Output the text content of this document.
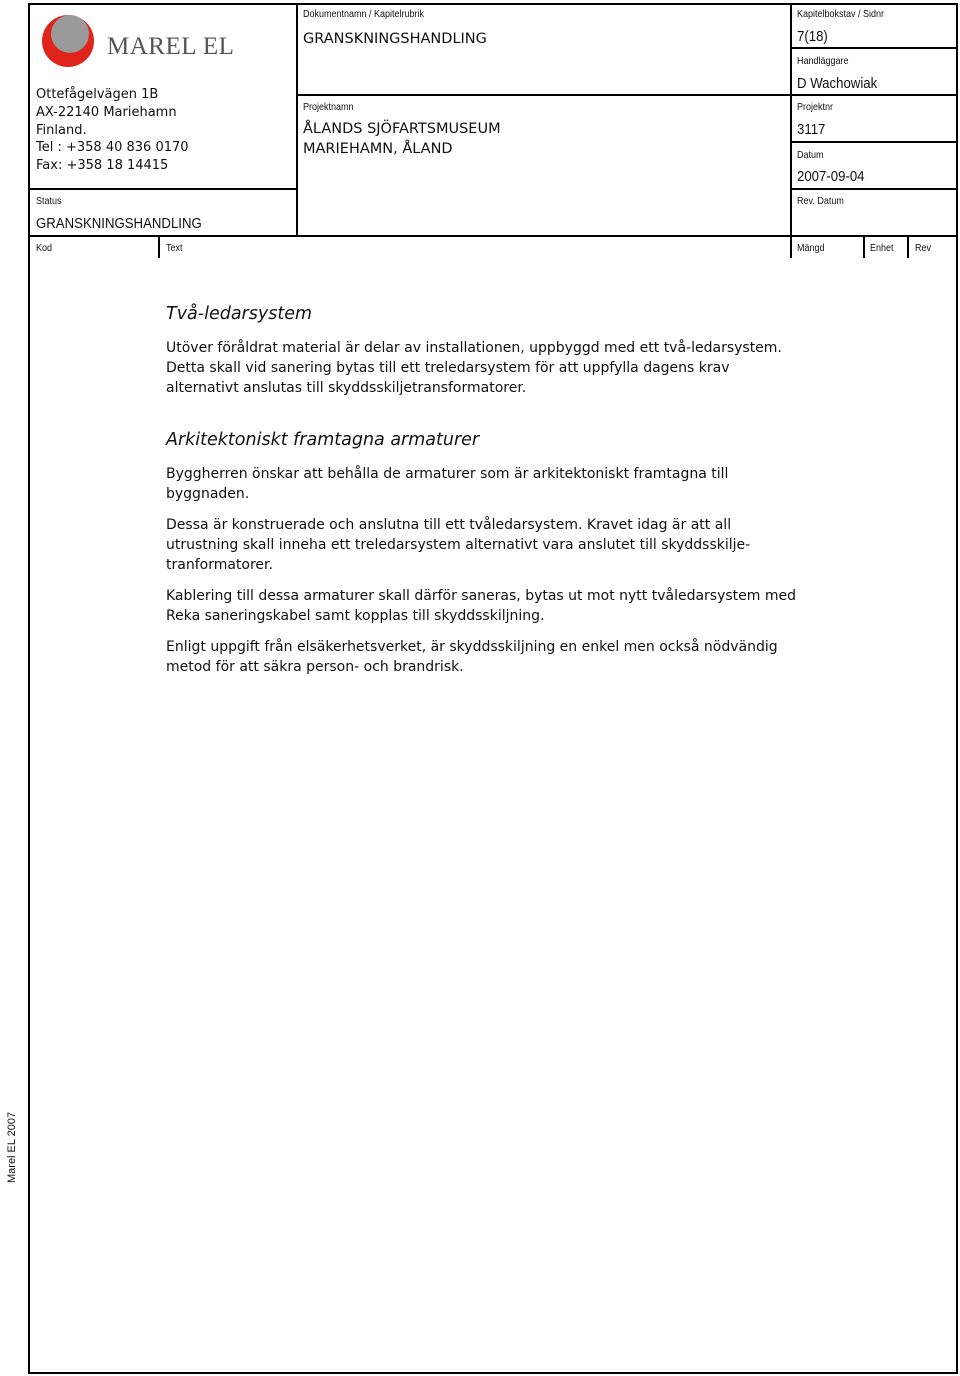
MAREL EL
Ottefågelvägen 1B
AX-22140 Mariehamn
Finland.
Tel : +358 40 836 0170
Fax: +358 18 14415
Status
GRANSKNINGSHANDLING
Dokumentnamn / Kapitelrubrik
GRANSKNINGSHANDLING
Projektnamn
ÅLANDS SJÖFARTSMUSEUM
MARIEHAMN, ÅLAND
Kapitelbokstav / Sidnr
7(18)
Handläggare
D Wachowiak
Projektnr
3117
Datum
2007-09-04
Rev. Datum
Kod	Text	Mängd	Enhet Rev
Två-ledarsystem

Utöver föråldrat material är delar av installationen, uppbyggd med ett två-ledarsystem. Detta skall vid sanering bytas till ett treledarsystem för att uppfylla dagens krav alternativt anslutas till skyddsskiljetransformatorer.

Arkitektoniskt framtagna armaturer

Byggherren önskar att behålla de armaturer som är arkitektoniskt framtagna till byggnaden.

Dessa är konstruerade och anslutna till ett tvåledarsystem. Kravet idag är att all utrustning skall inneha ett treledarsystem alternativt vara anslutet till skyddsskilje-tranformatorer.

Kablering till dessa armaturer skall därför saneras, bytas ut mot nytt tvåledarsystem med Reka saneringskabel samt kopplas till skyddsskiljning.

Enligt uppgift från elsäkerhetsverket, är skyddsskiljning en enkel men också nödvändig metod för att säkra person- och brandrisk.

Marel EL 2007
